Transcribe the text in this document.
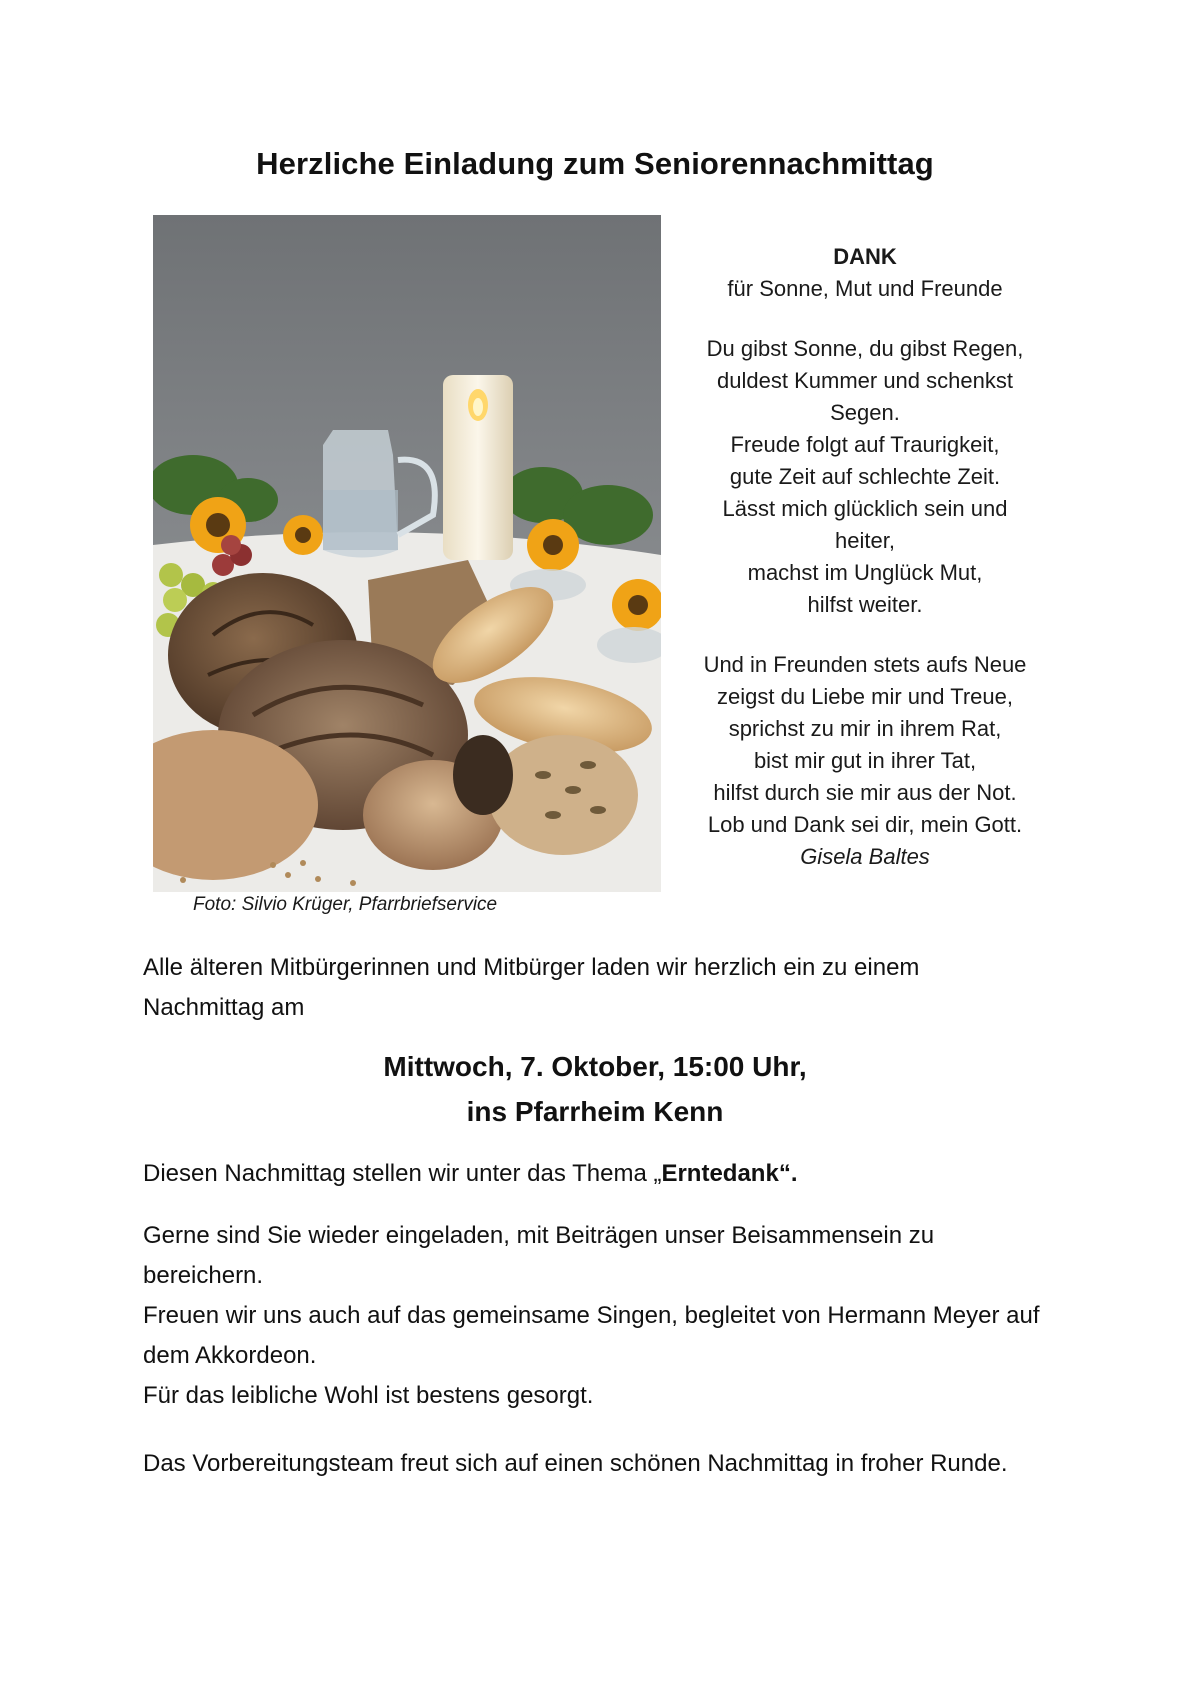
Herzliche Einladung zum Seniorennachmittag
Foto: Silvio Krüger, Pfarrbriefservice
DANK
für Sonne, Mut und Freunde
Du gibst Sonne, du gibst Regen,
duldest Kummer und schenkst
Segen.
Freude folgt auf Traurigkeit,
gute Zeit auf schlechte Zeit.
Lässt mich glücklich sein und
heiter,
machst im Unglück Mut,
hilfst weiter.
Und in Freunden stets aufs Neue
zeigst du Liebe mir und Treue,
sprichst zu mir in ihrem Rat,
bist mir gut in ihrer Tat,
hilfst durch sie mir aus der Not.
Lob und Dank sei dir, mein Gott.
Gisela Baltes
Alle älteren Mitbürgerinnen und Mitbürger laden wir herzlich ein zu einem Nachmittag am
Mittwoch, 7. Oktober, 15:00 Uhr,
ins Pfarrheim Kenn
Diesen Nachmittag stellen wir unter das Thema „Erntedank“.
Gerne sind Sie wieder eingeladen, mit Beiträgen unser Beisammensein zu bereichern.
Freuen wir uns auch auf das gemeinsame Singen, begleitet von Hermann Meyer auf dem Akkordeon.
Für das leibliche Wohl ist bestens gesorgt.
Das Vorbereitungsteam freut sich auf einen schönen Nachmittag in froher Runde.
